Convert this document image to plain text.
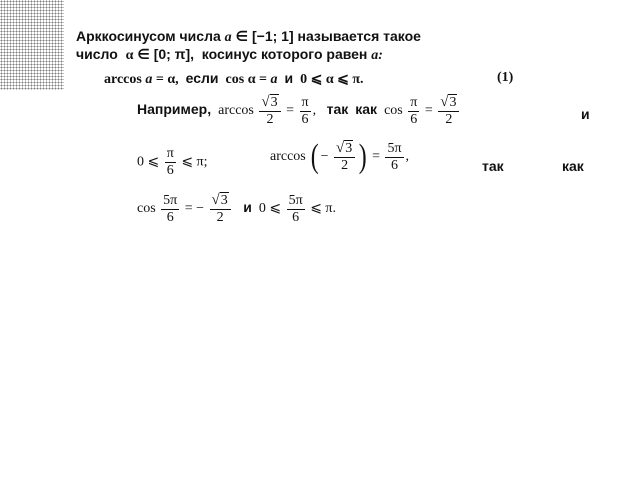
Арккосинусом числа a ∈ [−1; 1] называется такое
число α ∈ [0; π], косинус которого равен a:
arccos a = α, если cos α = a и 0 ⩽ α ⩽ π.	(1)
Например, $\arccos \frac{√3}{2} = \frac{\pi}{6}$ , так как $\cos \frac{\pi}{6} = \frac{√3}{2}$	и
0 ⩽ $\frac{\pi}{6}$ ⩽ π;	arccos ( − $\frac{√3}{2}$ ) = $\frac{5\pi}{6}$ ,
так	как
$\cos \frac{5\pi}{6}$ = − $\frac{√3}{2}$ и 0 ⩽ $\frac{5\pi}{6}$ ⩽ π.
